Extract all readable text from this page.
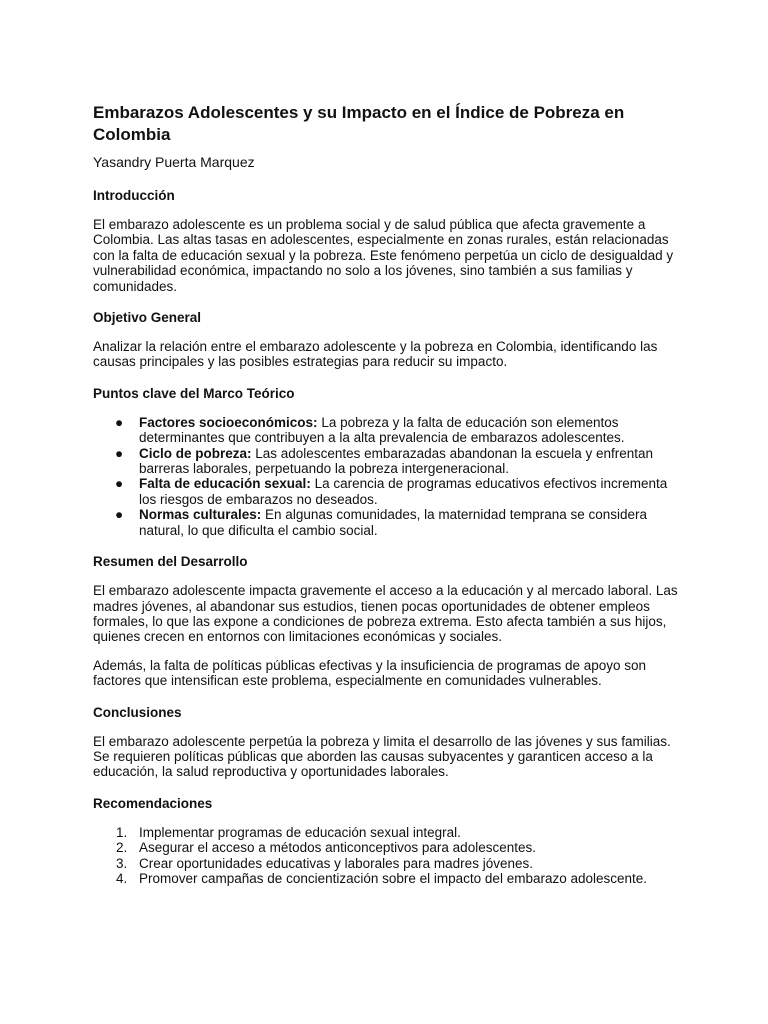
Embarazos Adolescentes y su Impacto en el Índice de Pobreza en Colombia

Yasandry Puerta Marquez

Introducción

El embarazo adolescente es un problema social y de salud pública que afecta gravemente a Colombia. Las altas tasas en adolescentes, especialmente en zonas rurales, están relacionadas con la falta de educación sexual y la pobreza. Este fenómeno perpetúa un ciclo de desigualdad y vulnerabilidad económica, impactando no solo a los jóvenes, sino también a sus familias y comunidades.

Objetivo General

Analizar la relación entre el embarazo adolescente y la pobreza en Colombia, identificando las causas principales y las posibles estrategias para reducir su impacto.

Puntos clave del Marco Teórico
● Factores socioeconómicos: La pobreza y la falta de educación son elementos determinantes que contribuyen a la alta prevalencia de embarazos adolescentes.
● Ciclo de pobreza: Las adolescentes embarazadas abandonan la escuela y enfrentan barreras laborales, perpetuando la pobreza intergeneracional.
● Falta de educación sexual: La carencia de programas educativos efectivos incrementa los riesgos de embarazos no deseados.
● Normas culturales: En algunas comunidades, la maternidad temprana se considera natural, lo que dificulta el cambio social.
Resumen del Desarrollo

El embarazo adolescente impacta gravemente el acceso a la educación y al mercado laboral. Las madres jóvenes, al abandonar sus estudios, tienen pocas oportunidades de obtener empleos formales, lo que las expone a condiciones de pobreza extrema. Esto afecta también a sus hijos, quienes crecen en entornos con limitaciones económicas y sociales.

Además, la falta de políticas públicas efectivas y la insuficiencia de programas de apoyo son factores que intensifican este problema, especialmente en comunidades vulnerables.

Conclusiones

El embarazo adolescente perpetúa la pobreza y limita el desarrollo de las jóvenes y sus familias. Se requieren políticas públicas que aborden las causas subyacentes y garanticen acceso a la educación, la salud reproductiva y oportunidades laborales.

Recomendaciones
1. Implementar programas de educación sexual integral.
2. Asegurar el acceso a métodos anticonceptivos para adolescentes.
3. Crear oportunidades educativas y laborales para madres jóvenes.
4. Promover campañas de concientización sobre el impacto del embarazo adolescente.
